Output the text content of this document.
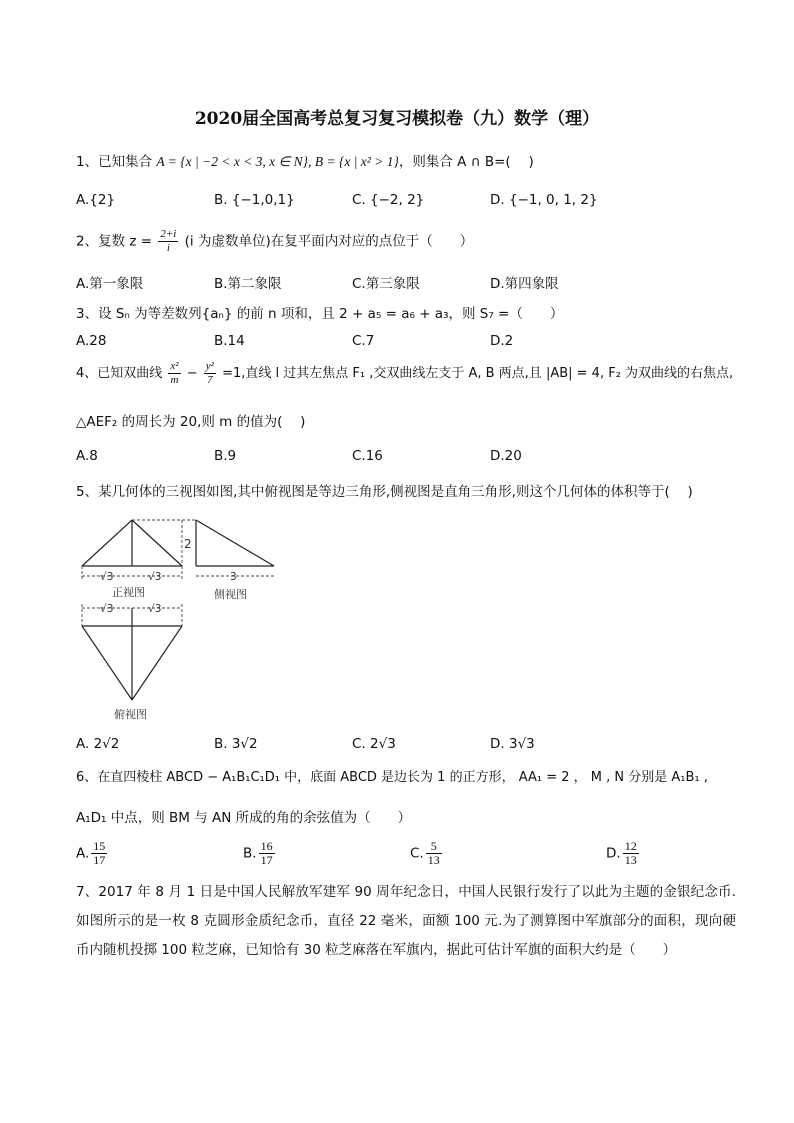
2020届全国高考总复习复习模拟卷（九）数学（理）
1、已知集合 A = {x | −2 < x < 3, x ∈ N}, B = {x | x² > 1}，则集合 A ∩ B=(　 )
A.{2}	B. {−1,0,1}	C. {−2, 2}	D. {−1, 0, 1, 2}
2、复数 $z = \frac{2+i}{i} (i$ 为虚数单位)在复平面内对应的点位于（　　）
A.第一象限	B.第二象限	C.第三象限	D.第四象限
3、设 Sₙ 为等差数列{aₙ} 的前 n 项和，且 2 + a₅ = a₆ + a₃，则 S₇ =（　　）
A.28	B.14	C.7	D.2
4、已知双曲线 $\frac{\text{x²}}{m} - \frac{\text{y²}}{7} =1$,直线 l 过其左焦点 F₁ ,交双曲线左支于 A, B 两点,且 |AB| = 4, F₂ 为双曲线的右焦点,
△AEF₂ 的周长为 20,则 m 的值为(　 )
A.8	B.9	C.16	D.20
5、某几何体的三视图如图,其中俯视图是等边三角形,侧视图是直角三角形,则这个几何体的体积等于(　 )
√3	√3
2
3
√3	√3
正视图	侧视图
俯视图
A. 2√2	B. 3√2	C. 2√3	D. 3√3
6、在直四棱柱 ABCD − A₁B₁C₁D₁ 中，底面 ABCD 是边长为 1 的正方形， AA₁ = 2 ， M , N 分别是 A₁B₁ ,
A₁D₁ 中点，则 BM 与 AN 所成的角的余弦值为（　　）
A. $\frac{15}{17}$	B. $\frac{16}{17}$	C. $\frac{5}{13}$	D. $\frac{12}{13}$
7、2017 年 8 月 1 日是中国人民解放军建军 90 周年纪念日，中国人民银行发行了以此为主题的金银纪念币.如图所示的是一枚 8 克圆形金质纪念币，直径 22 毫米，面额 100 元.为了测算图中军旗部分的面积，现向硬币内随机投掷 100 粒芝麻，已知恰有 30 粒芝麻落在军旗内，据此可估计军旗的面积大约是（　　）
